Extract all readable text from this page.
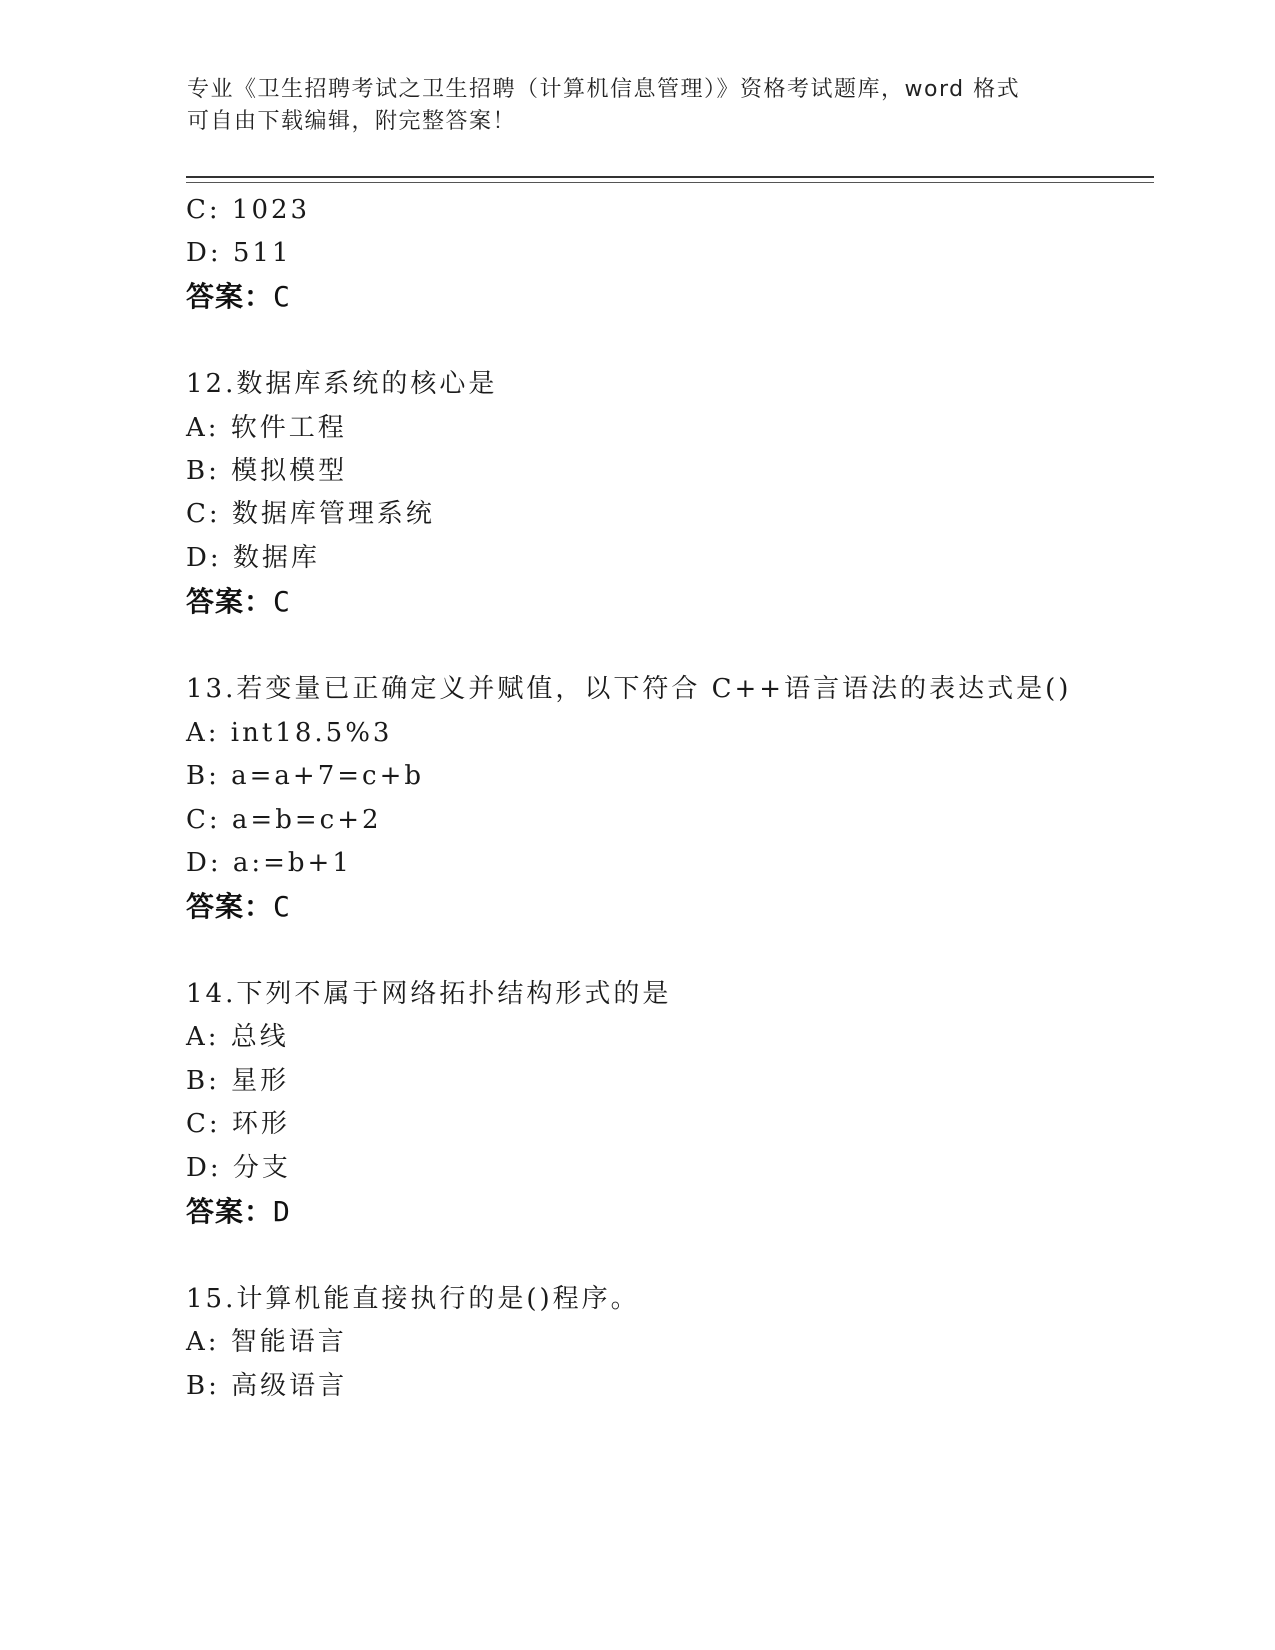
专业《卫生招聘考试之卫生招聘（计算机信息管理）》资格考试题库，word 格式
可自由下载编辑，附完整答案！
C: 1023
D: 511
答案：C
12.数据库系统的核心是
A: 软件工程
B: 模拟模型
C: 数据库管理系统
D: 数据库
答案：C
13.若变量已正确定义并赋值，以下符合 C++语言语法的表达式是()
A: int18.5%3
B: a=a+7=c+b
C: a=b=c+2
D: a:=b+1
答案：C
14.下列不属于网络拓扑结构形式的是
A: 总线
B: 星形
C: 环形
D: 分支
答案：D
15.计算机能直接执行的是()程序。
A: 智能语言
B: 高级语言
